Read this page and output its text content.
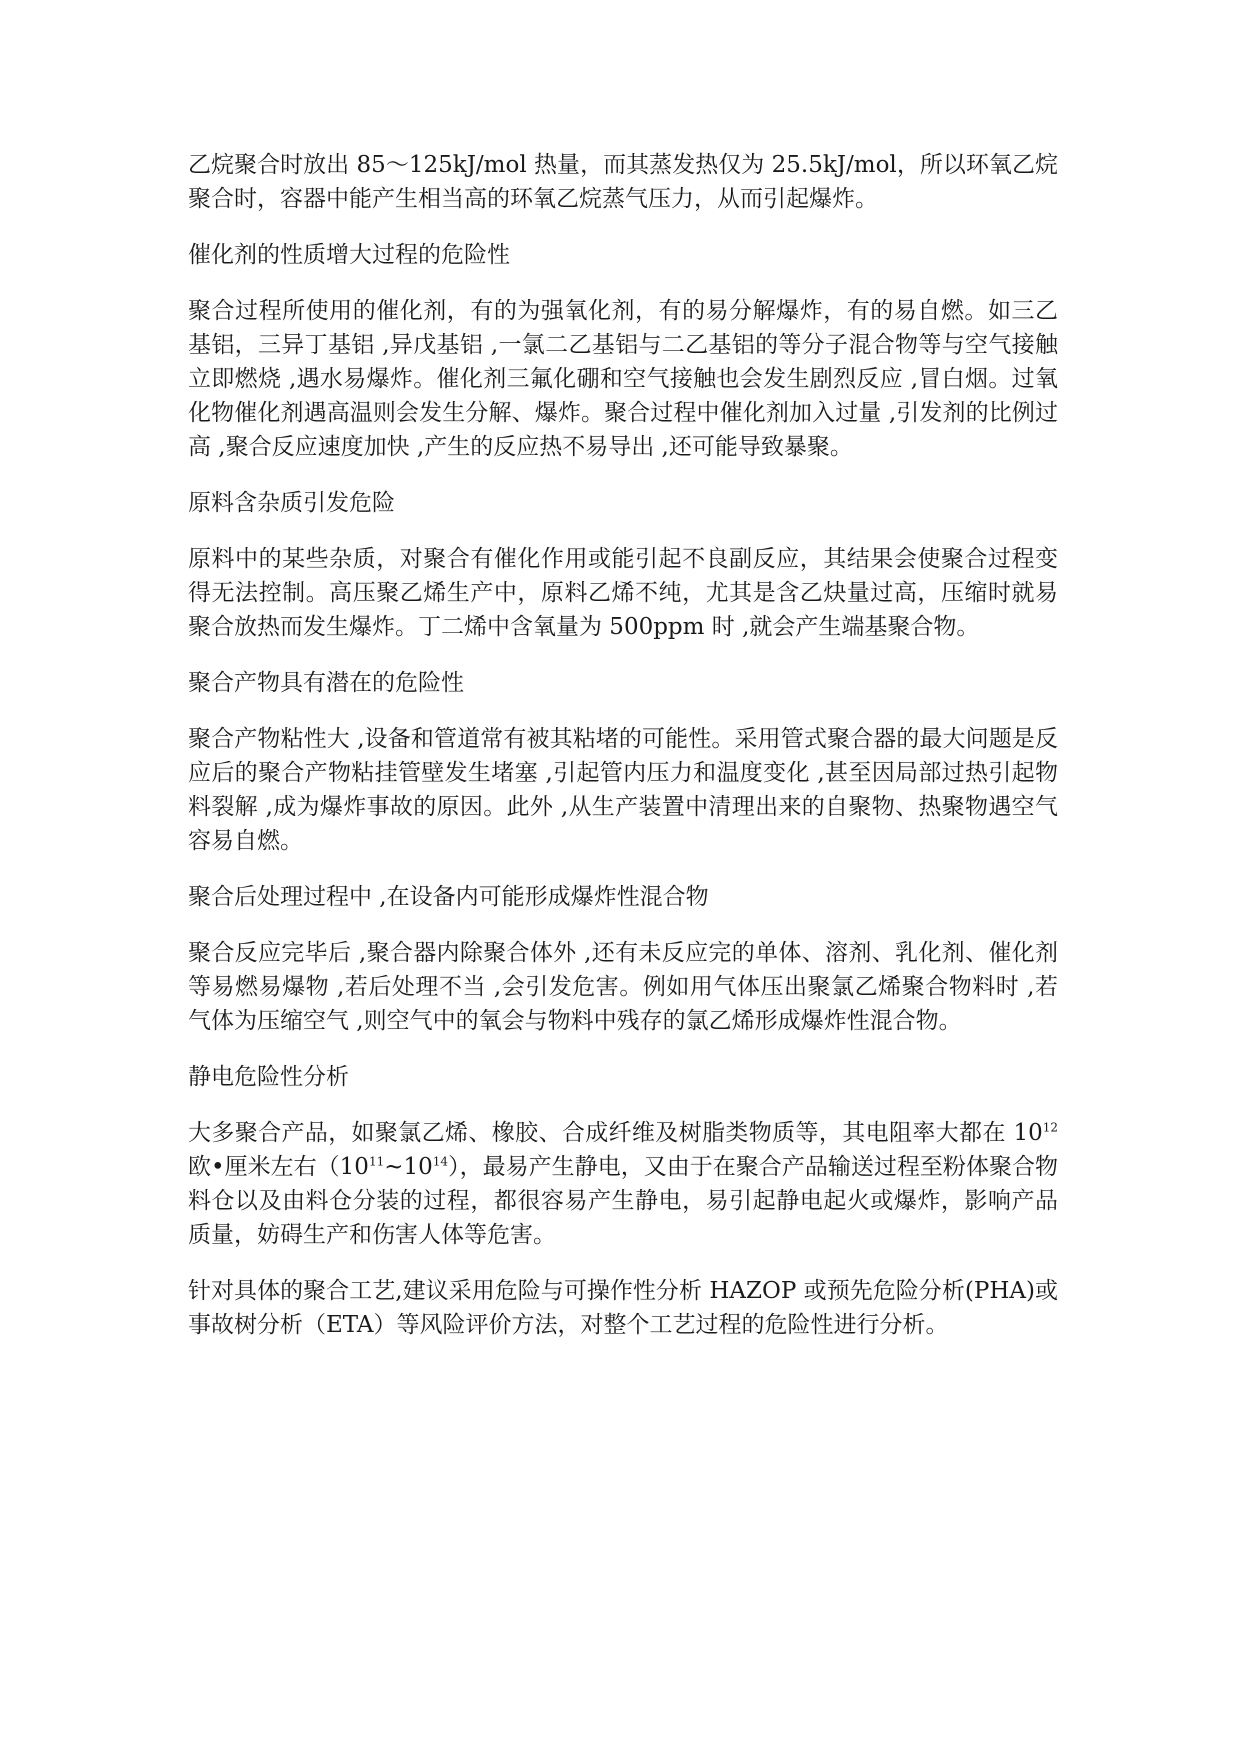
乙烷聚合时放出 85～125kJ/mol 热量，而其蒸发热仅为 25.5kJ/mol，所以环氧乙烷聚合时，容器中能产生相当高的环氧乙烷蒸气压力，从而引起爆炸。

催化剂的性质增大过程的危险性

聚合过程所使用的催化剂，有的为强氧化剂，有的易分解爆炸，有的易自燃。如三乙基铝，三异丁基铝 ,异戊基铝 ,一氯二乙基铝与二乙基铝的等分子混合物等与空气接触立即燃烧 ,遇水易爆炸。催化剂三氟化硼和空气接触也会发生剧烈反应 ,冒白烟。过氧化物催化剂遇高温则会发生分解、爆炸。聚合过程中催化剂加入过量 ,引发剂的比例过高 ,聚合反应速度加快 ,产生的反应热不易导出 ,还可能导致暴聚。

原料含杂质引发危险

原料中的某些杂质，对聚合有催化作用或能引起不良副反应，其结果会使聚合过程变得无法控制。高压聚乙烯生产中，原料乙烯不纯，尤其是含乙炔量过高，压缩时就易聚合放热而发生爆炸。丁二烯中含氧量为 500ppm 时 ,就会产生端基聚合物。

聚合产物具有潜在的危险性

聚合产物粘性大 ,设备和管道常有被其粘堵的可能性。采用管式聚合器的最大问题是反应后的聚合产物粘挂管壁发生堵塞 ,引起管内压力和温度变化 ,甚至因局部过热引起物料裂解 ,成为爆炸事故的原因。此外 ,从生产装置中清理出来的自聚物、热聚物遇空气容易自燃。

聚合后处理过程中 ,在设备内可能形成爆炸性混合物

聚合反应完毕后 ,聚合器内除聚合体外 ,还有未反应完的单体、溶剂、乳化剂、催化剂等易燃易爆物 ,若后处理不当 ,会引发危害。例如用气体压出聚氯乙烯聚合物料时 ,若气体为压缩空气 ,则空气中的氧会与物料中残存的氯乙烯形成爆炸性混合物。

静电危险性分析

大多聚合产品，如聚氯乙烯、橡胶、合成纤维及树脂类物质等，其电阻率大都在 $10^{12}$欧•厘米左右$(10^{11}\sim 10^{14})$，最易产生静电，又由于在聚合产品输送过程至粉体聚合物料仓以及由料仓分装的过程，都很容易产生静电，易引起静电起火或爆炸，影响产品质量，妨碍生产和伤害人体等危害。

针对具体的聚合工艺,建议采用危险与可操作性分析 HAZOP 或预先危险分析(PHA)或事故树分析（ETA）等风险评价方法，对整个工艺过程的危险性进行分析。
